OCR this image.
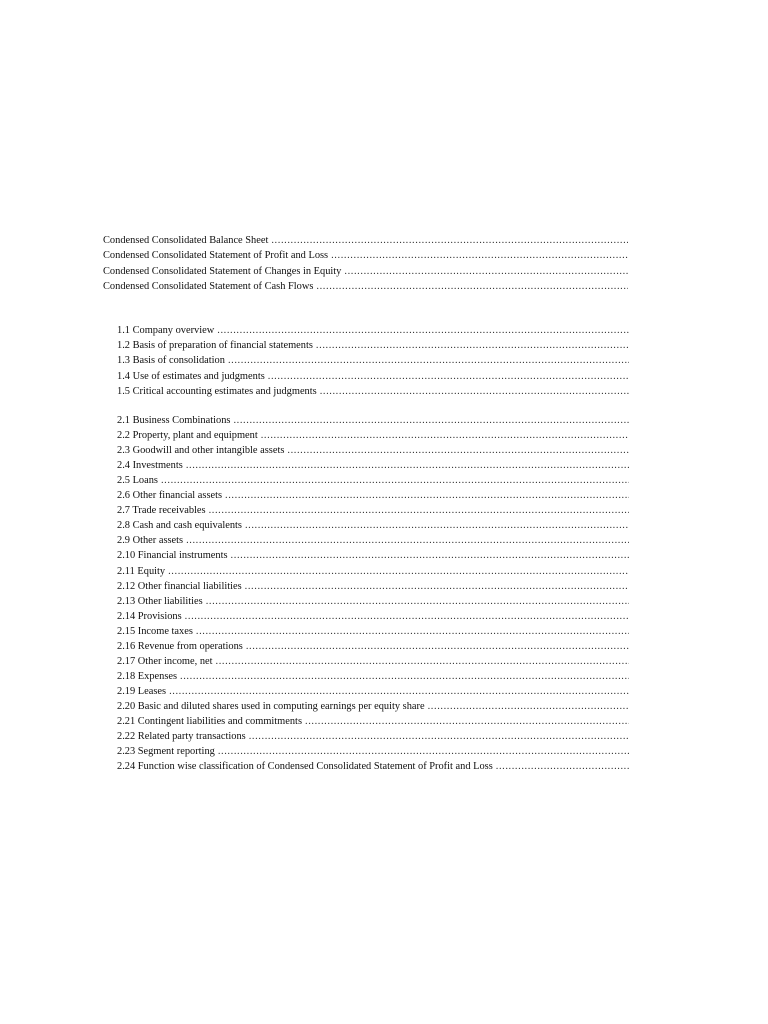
Condensed Consolidated Balance Sheet
.....
Condensed Consolidated Statement of Profit and Loss
.....
Condensed Consolidated Statement of Changes in Equity
.....
Condensed Consolidated Statement of Cash Flows
.....
1.1 Company overview
.....
1.2 Basis of preparation of financial statements
.....
1.3 Basis of consolidation
.....
1.4 Use of estimates and judgments
.....
1.5 Critical accounting estimates and judgments
.....
2.1 Business Combinations
.....
2.2 Property, plant and equipment
.....
2.3 Goodwill and other intangible assets
.....
2.4 Investments
.....
2.5 Loans
.....
2.6 Other financial assets
.....
2.7 Trade receivables
.....
2.8 Cash and cash equivalents
.....
2.9 Other assets
.....
2.10 Financial instruments
.....
2.11 Equity
.....
2.12 Other financial liabilities
.....
2.13 Other liabilities
.....
2.14 Provisions
.....
2.15 Income taxes
.....
2.16 Revenue from operations
.....
2.17 Other income, net
.....
2.18 Expenses
.....
2.19 Leases
.....
2.20 Basic and diluted shares used in computing earnings per equity share
.....
2.21 Contingent liabilities and commitments
.....
2.22 Related party transactions
.....
2.23 Segment reporting
.....
2.24 Function wise classification of Condensed Consolidated Statement of Profit and Loss
.....
